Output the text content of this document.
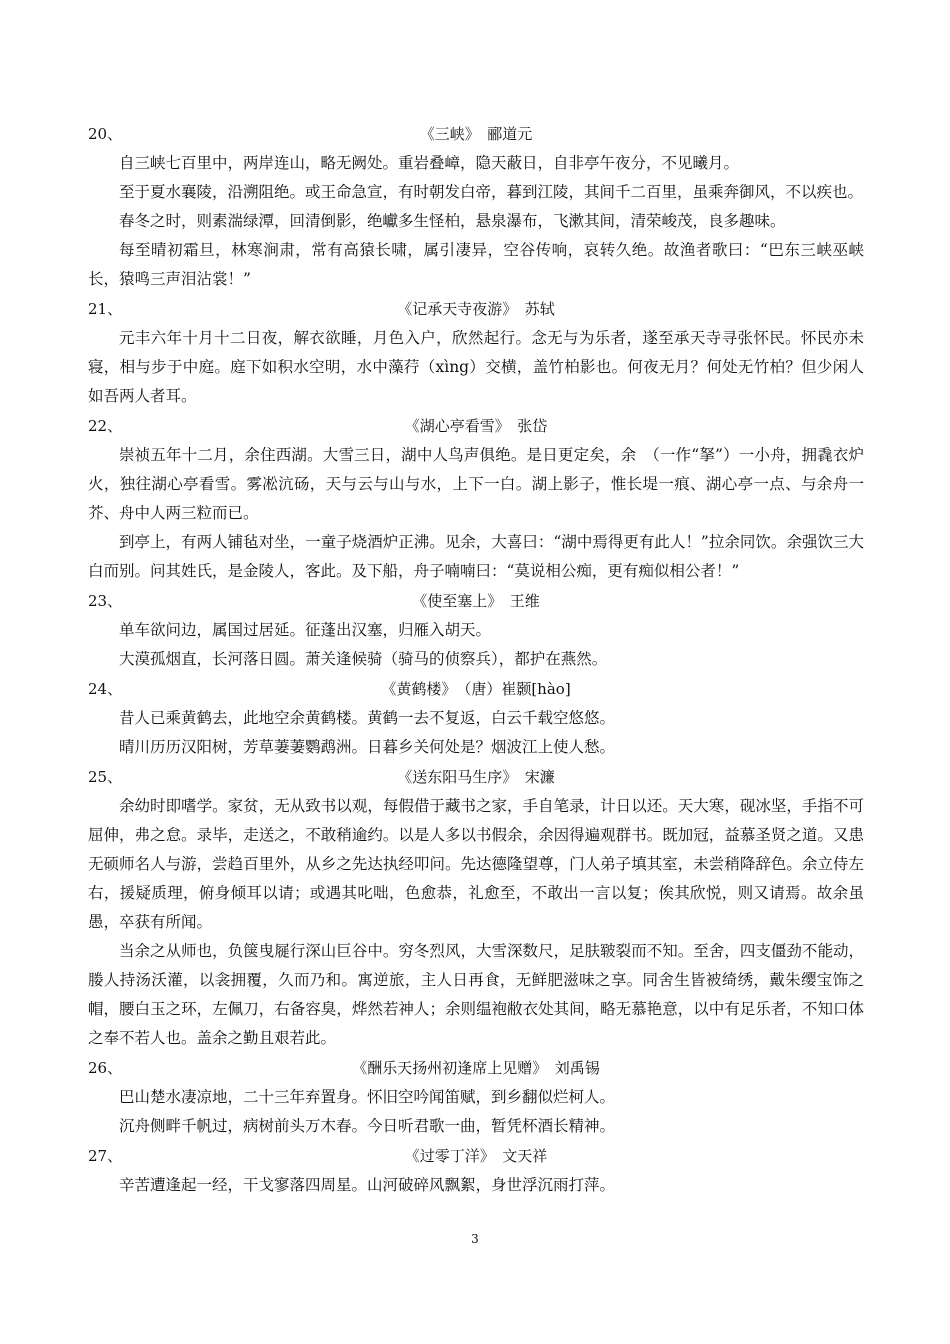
20、	《三峡》　郦道元

自三峡七百里中，两岸连山，略无阙处。重岩叠嶂，隐天蔽日，自非亭午夜分，不见曦月。

至于夏水襄陵，沿溯阻绝。或王命急宣，有时朝发白帝，暮到江陵，其间千二百里，虽乘奔御风，不以疾也。

春冬之时，则素湍绿潭，回清倒影，绝巘多生怪柏，悬泉瀑布，飞漱其间，清荣峻茂，良多趣味。

每至晴初霜旦，林寒涧肃，常有高猿长啸，属引凄异，空谷传响，哀转久绝。故渔者歌曰：“巴东三峡巫峡长，猿鸣三声泪沾裳！”

21、	《记承天寺夜游》　苏轼

元丰六年十月十二日夜，解衣欲睡，月色入户，欣然起行。念无与为乐者，遂至承天寺寻张怀民。怀民亦未寝，相与步于中庭。庭下如积水空明，水中藻荇（xìng）交横，盖竹柏影也。何夜无月？何处无竹柏？但少闲人如吾两人者耳。

22、	《湖心亭看雪》　张岱

崇祯五年十二月，余住西湖。大雪三日，湖中人鸟声俱绝。是日更定矣，余　（一作“拏”）一小舟，拥毳衣炉火，独往湖心亭看雪。雾凇沆砀，天与云与山与水，上下一白。湖上影子，惟长堤一痕、湖心亭一点、与余舟一芥、舟中人两三粒而已。

到亭上，有两人铺毡对坐，一童子烧酒炉正沸。见余，大喜曰：“湖中焉得更有此人！”拉余同饮。余强饮三大白而别。问其姓氏，是金陵人，客此。及下船，舟子喃喃曰：“莫说相公痴，更有痴似相公者！”

23、	《使至塞上》　王维

单车欲问边，属国过居延。征蓬出汉塞，归雁入胡天。

大漠孤烟直，长河落日圆。萧关逢候骑（骑马的侦察兵），都护在燕然。

24、	《黄鹤楼》　（唐）崔颢[hào]

昔人已乘黄鹤去，此地空余黄鹤楼。黄鹤一去不复返，白云千载空悠悠。

晴川历历汉阳树，芳草萋萋鹦鹉洲。日暮乡关何处是？烟波江上使人愁。

25、	《送东阳马生序》　宋濂

余幼时即嗜学。家贫，无从致书以观，每假借于藏书之家，手自笔录，计日以还。天大寒，砚冰坚，手指不可屈伸，弗之怠。录毕，走送之，不敢稍逾约。以是人多以书假余，余因得遍观群书。既加冠，益慕圣贤之道。又患无硕师名人与游，尝趋百里外，从乡之先达执经叩问。先达德隆望尊，门人弟子填其室，未尝稍降辞色。余立侍左右，援疑质理，俯身倾耳以请；或遇其叱咄，色愈恭，礼愈至，不敢出一言以复；俟其欣悦，则又请焉。故余虽愚，卒获有所闻。

当余之从师也，负箧曳屣行深山巨谷中。穷冬烈风，大雪深数尺，足肤皲裂而不知。至舍，四支僵劲不能动，媵人持汤沃灌，以衾拥覆，久而乃和。寓逆旅，主人日再食，无鲜肥滋味之享。同舍生皆被绮绣，戴朱缨宝饰之帽，腰白玉之环，左佩刀，右备容臭，烨然若神人；余则缊袍敝衣处其间，略无慕艳意，以中有足乐者，不知口体之奉不若人也。盖余之勤且艰若此。

26、	《酬乐天扬州初逢席上见赠》　刘禹锡

巴山楚水凄凉地，二十三年弃置身。怀旧空吟闻笛赋，到乡翻似烂柯人。

沉舟侧畔千帆过，病树前头万木春。今日听君歌一曲，暂凭杯酒长精神。

27、	《过零丁洋》　文天祥

辛苦遭逢起一经，干戈寥落四周星。山河破碎风飘絮，身世浮沉雨打萍。

3
